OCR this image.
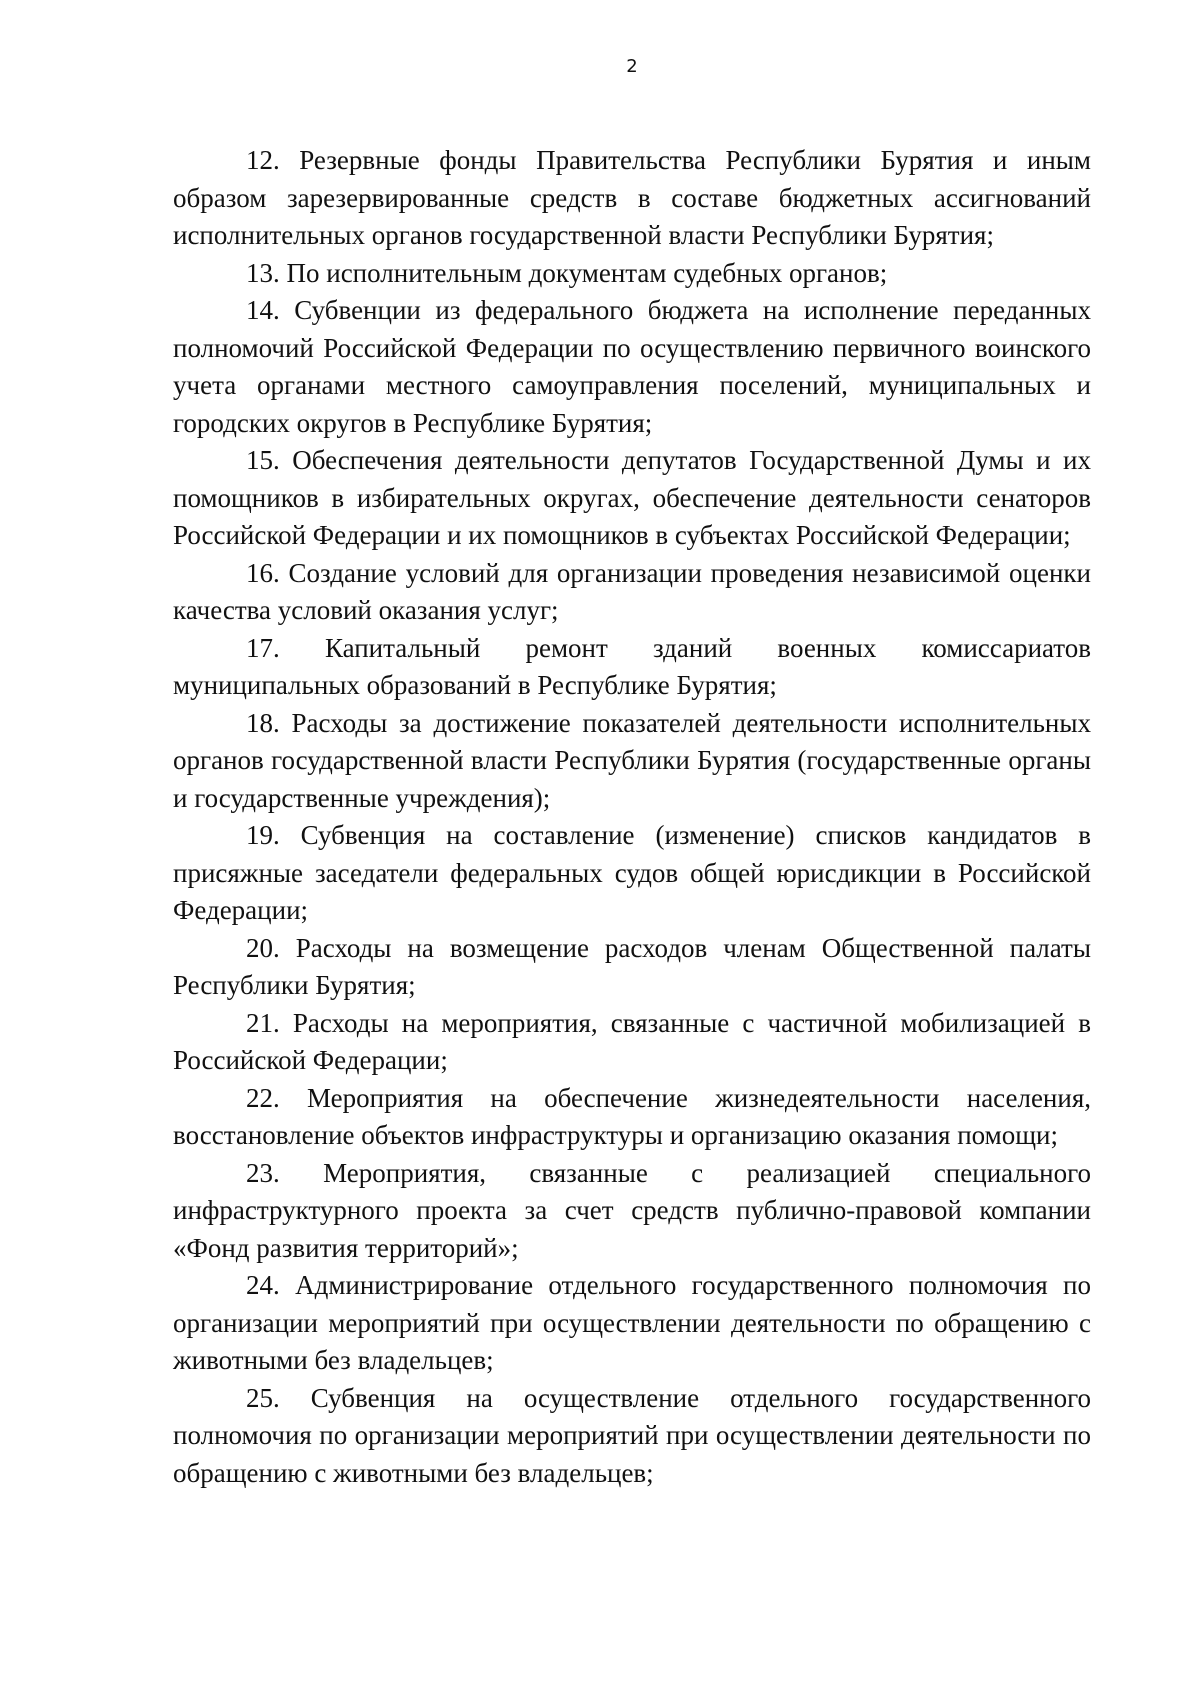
2

12. Резервные фонды Правительства Республики Бурятия и иным образом зарезервированные средств в составе бюджетных ассигнований исполнительных органов государственной власти Республики Бурятия;

13. По исполнительным документам судебных органов;

14. Субвенции из федерального бюджета на исполнение переданных полномочий Российской Федерации по осуществлению первичного воинского учета органами местного самоуправления поселений, муниципальных и городских округов в Республике Бурятия;

15. Обеспечения деятельности депутатов Государственной Думы и их помощников в избирательных округах, обеспечение деятельности сенаторов Российской Федерации и их помощников в субъектах Российской Федерации;

16. Создание условий для организации проведения независимой оценки качества условий оказания услуг;

17. Капитальный ремонт зданий военных комиссариатов муниципальных образований в Республике Бурятия;

18. Расходы за достижение показателей деятельности исполнительных органов государственной власти Республики Бурятия (государственные органы и государственные учреждения);

19. Субвенция на составление (изменение) списков кандидатов в присяжные заседатели федеральных судов общей юрисдикции в Российской Федерации;

20. Расходы на возмещение расходов членам Общественной палаты Республики Бурятия;

21. Расходы на мероприятия, связанные с частичной мобилизацией в Российской Федерации;

22. Мероприятия на обеспечение жизнедеятельности населения, восстановление объектов инфраструктуры и организацию оказания помощи;

23. Мероприятия, связанные с реализацией специального инфраструктурного проекта за счет средств публично-правовой компании «Фонд развития территорий»;

24. Администрирование отдельного государственного полномочия по организации мероприятий при осуществлении деятельности по обращению с животными без владельцев;

25. Субвенция на осуществление отдельного государственного полномочия по организации мероприятий при осуществлении деятельности по обращению с животными без владельцев;
